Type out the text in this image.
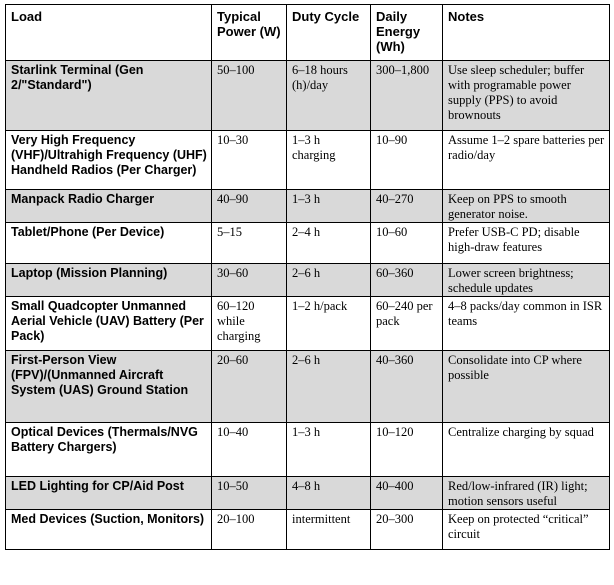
Load	Typical Power (W)	Duty Cycle	Daily Energy (Wh)	Notes
Starlink Terminal (Gen 2/"Standard")	50–100	6–18 hours (h)/day	300–1,800	Use sleep scheduler; buffer with programable power supply (PPS) to avoid brownouts
Very High Frequency (VHF)/Ultrahigh Frequency (UHF) Handheld Radios (Per Charger)	10–30	1–3 h charging	10–90	Assume 1–2 spare batteries per radio/day
Manpack Radio Charger	40–90	1–3 h	40–270	Keep on PPS to smooth generator noise.
Tablet/Phone (Per Device)	5–15	2–4 h	10–60	Prefer USB-C PD; disable high-draw features
Laptop (Mission Planning)	30–60	2–6 h	60–360	Lower screen brightness; schedule updates
Small Quadcopter Unmanned Aerial Vehicle (UAV) Battery (Per Pack)	60–120 while charging	1–2 h/pack	60–240 per pack	4–8 packs/day common in ISR teams
First-Person View (FPV)/(Unmanned Aircraft System (UAS) Ground Station	20–60	2–6 h	40–360	Consolidate into CP where possible
Optical Devices (Thermals/NVG Battery Chargers)	10–40	1–3 h	10–120	Centralize charging by squad
LED Lighting for CP/Aid Post	10–50	4–8 h	40–400	Red/low-infrared (IR) light; motion sensors useful
Med Devices (Suction, Monitors)	20–100	intermittent	20–300	Keep on protected “critical” circuit
